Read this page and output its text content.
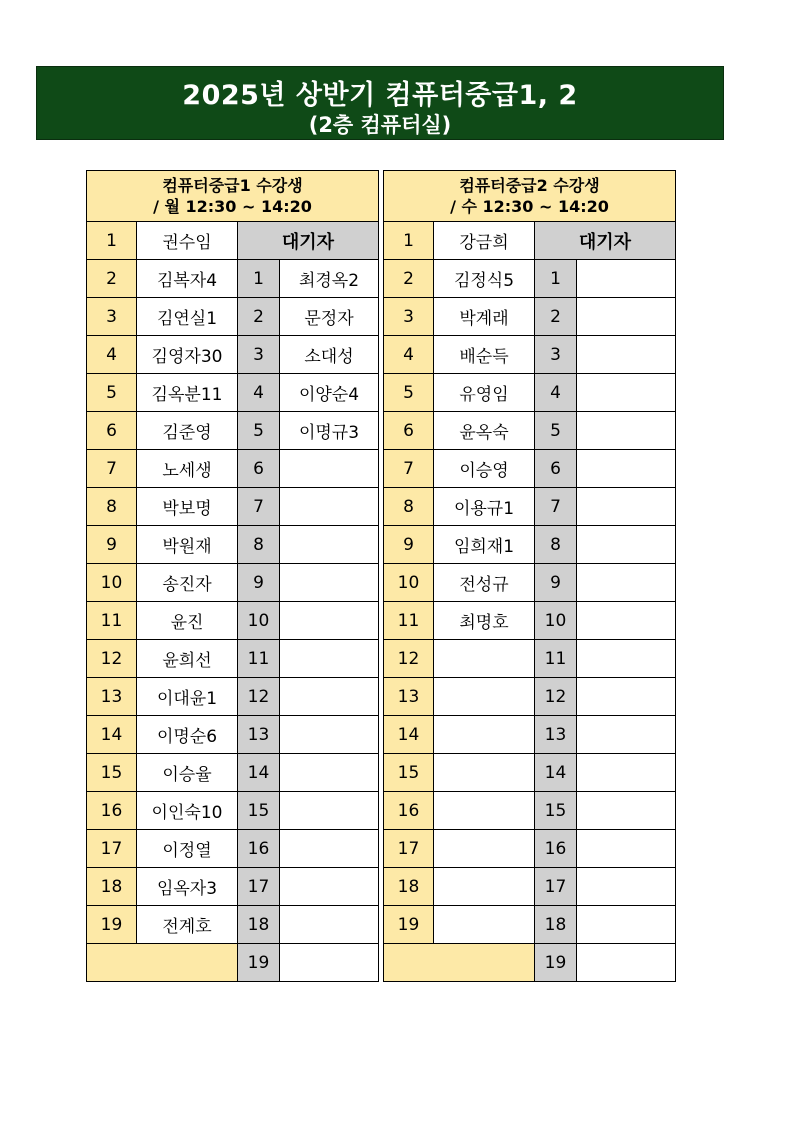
2025년 상반기 컴퓨터중급1, 2
(2층 컴퓨터실)
컴퓨터중급1 수강생
/ 월 12:30 ~ 14:20			

1	권수임	대기자	
2	김복자4	1	최경옥2
3	김연실1	2	문정자
4	김영자30	3	소대성
5	김옥분11	4	이양순4
6	김준영	5	이명규3
7	노세생	6	
8	박보명	7	
9	박원재	8	
10	송진자	9	
11	윤진	10	
12	윤희선	11	
13	이대윤1	12	
14	이명순6	13	
15	이승율	14	
16	이인숙10	15	
17	이정열	16	
18	임옥자3	17	
19	전계호	18	
		19	
컴퓨터중급2 수강생
/ 수 12:30 ~ 14:20			

1	강금희	대기자	
2	김정식5	1	
3	박계래	2	
4	배순득	3	
5	유영임	4	
6	윤옥숙	5	
7	이승영	6	
8	이용규1	7	
9	임희재1	8	
10	전성규	9	
11	최명호	10	
12		11	
13		12	
14		13	
15		14	
16		15	
17		16	
18		17	
19		18	
		19	
